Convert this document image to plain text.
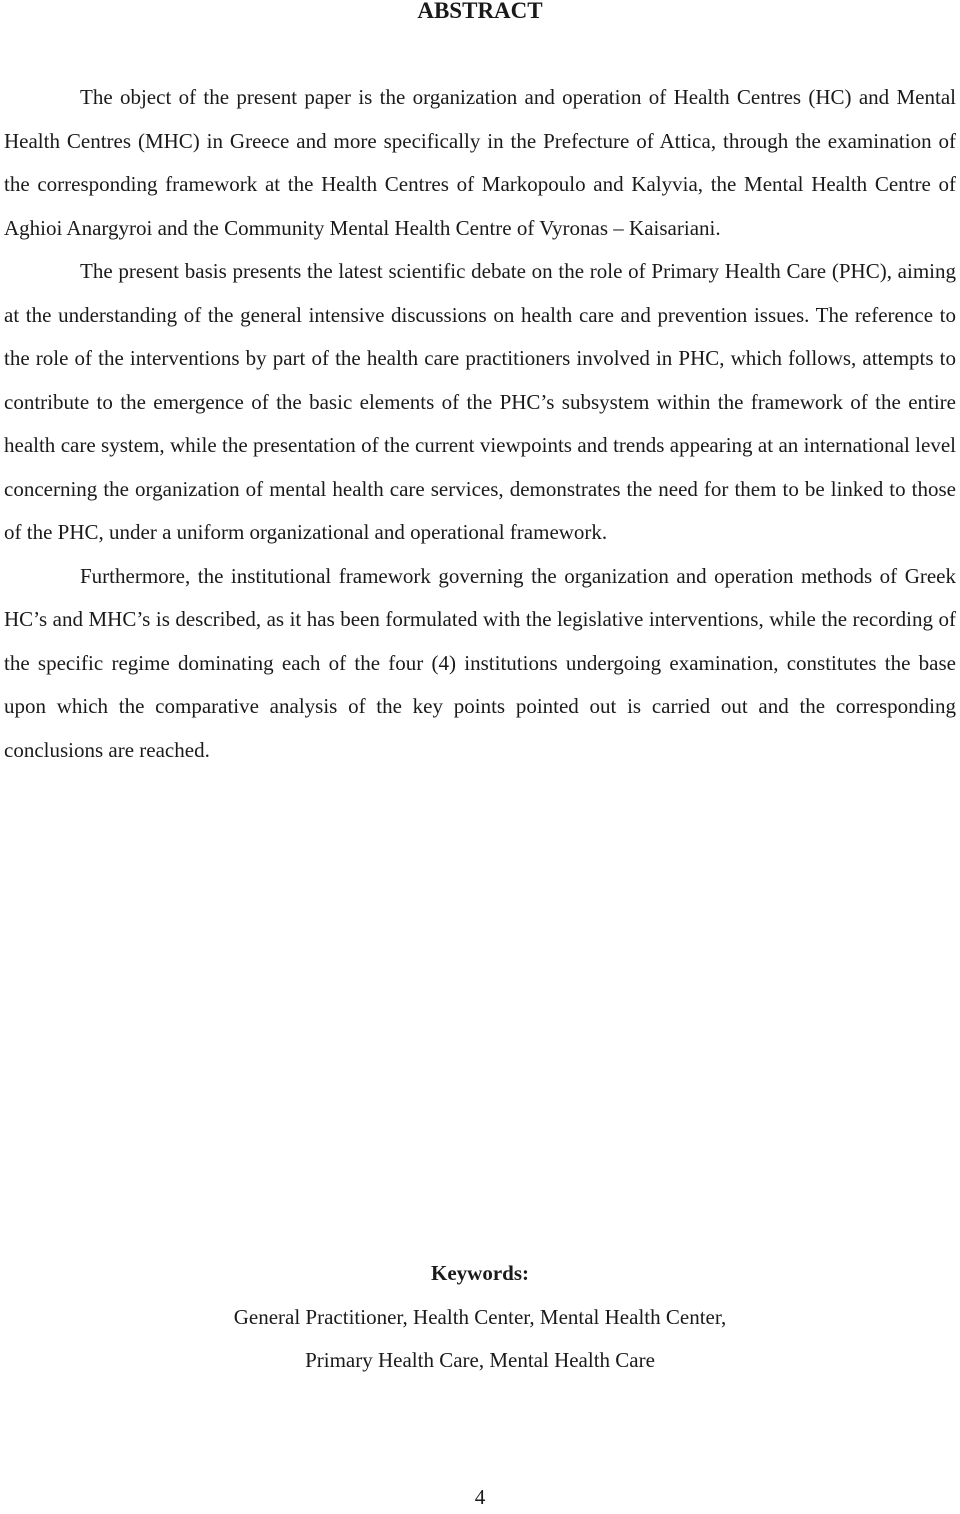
ABSTRACT

The object of the present paper is the organization and operation of Health Centres (HC) and Mental Health Centres (MHC) in Greece and more specifically in the Prefecture of Attica, through the examination of the corresponding framework at the Health Centres of Markopoulo and Kalyvia, the Mental Health Centre of Aghioi Anargyroi and the Community Mental Health Centre of Vyronas – Kaisariani.

The present basis presents the latest scientific debate on the role of Primary Health Care (PHC), aiming at the understanding of the general intensive discussions on health care and prevention issues. The reference to the role of the interventions by part of the health care practitioners involved in PHC, which follows, attempts to contribute to the emergence of the basic elements of the PHC’s subsystem within the framework of the entire health care system, while the presentation of the current viewpoints and trends appearing at an international level concerning the organization of mental health care services, demonstrates the need for them to be linked to those of the PHC, under a uniform organizational and operational framework.

Furthermore, the institutional framework governing the organization and operation methods of Greek HC’s and MHC’s is described, as it has been formulated with the legislative interventions, while the recording of the specific regime dominating each of the four (4) institutions undergoing examination, constitutes the base upon which the comparative analysis of the key points pointed out is carried out and the corresponding conclusions are reached.

Keywords:
General Practitioner, Health Center, Mental Health Center,
Primary Health Care, Mental Health Care
4
